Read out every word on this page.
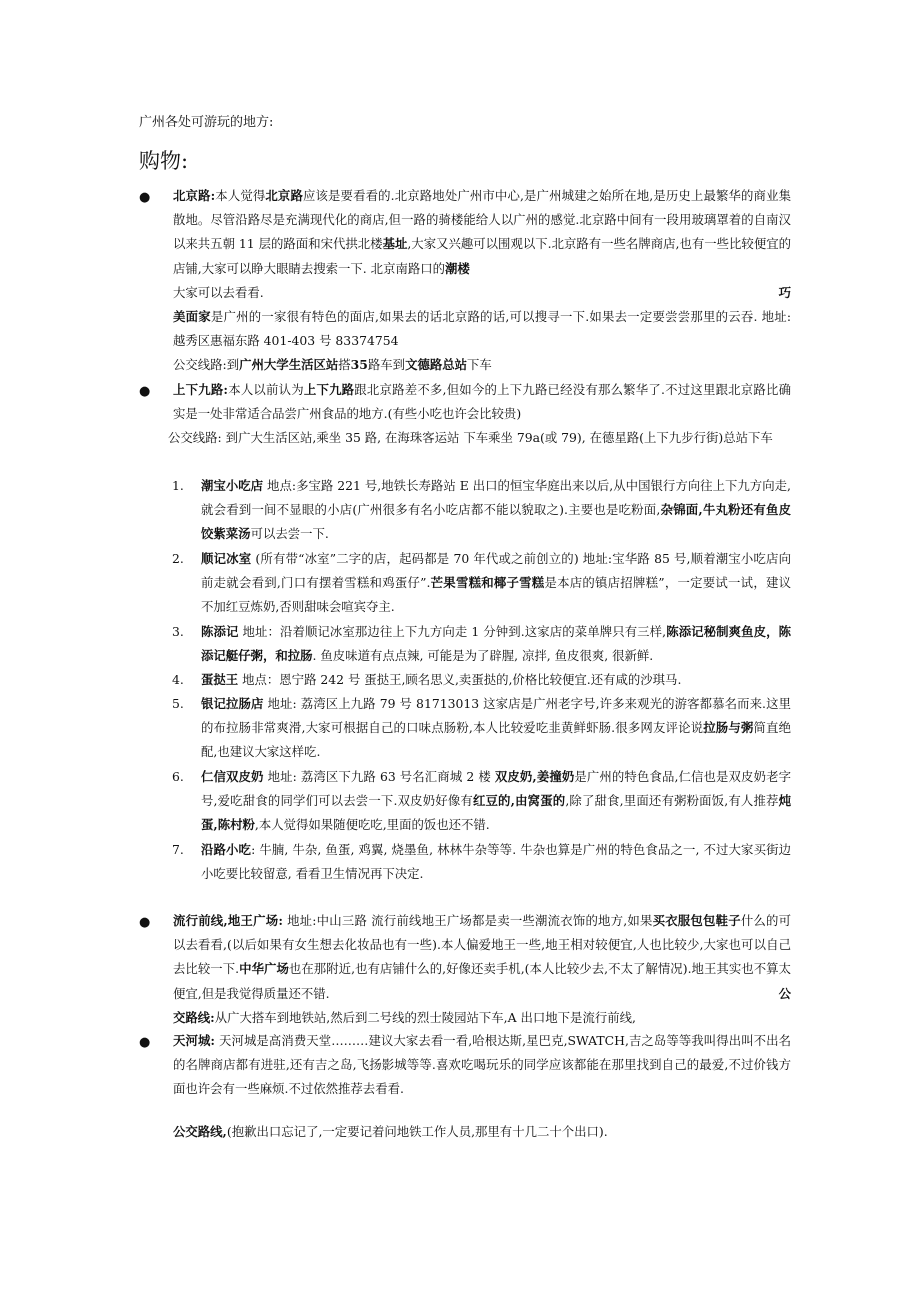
广州各处可游玩的地方:
购物:
● 北京路:本人觉得北京路应该是要看看的.北京路地处广州市中心,是广州城建之始所在地,是历史上最繁华的商业集散地。尽管沿路尽是充满现代化的商店,但一路的骑楼能给人以广州的感觉.北京路中间有一段用玻璃罩着的自南汉以来共五朝 11 层的路面和宋代拱北楼基址,大家又兴趣可以围观以下.北京路有一些名牌商店,也有一些比较便宜的店铺,大家可以睁大眼睛去搜索一下. 北京南路口的潮楼
大家可以去看看.	巧

美面家是广州的一家很有特色的面店,如果去的话北京路的话,可以搜寻一下.如果去一定要尝尝那里的云吞. 地址: 越秀区惠福东路 401-403 号 83374754
公交线路:到广州大学生活区站搭35路车到文德路总站下车
● 上下九路:本人以前认为上下九路跟北京路差不多,但如今的上下九路已经没有那么繁华了.不过这里跟北京路比确实是一处非常适合品尝广州食品的地方.(有些小吃也许会比较贵)
公交线路: 到广大生活区站,乘坐 35 路, 在海珠客运站 下车乘坐 79a(或 79), 在德星路(上下九步行街)总站下车
1.	潮宝小吃店 地点:多宝路 221 号,地铁长寿路站 E 出口的恒宝华庭出来以后,从中国银行方向往上下九方向走,就会看到一间不显眼的小店(广州很多有名小吃店都不能以貌取之).主要也是吃粉面,杂锦面,牛丸粉还有鱼皮饺紫菜汤可以去尝一下.
2.	顺记冰室 (所有带“冰室”二字的店，起码都是 70 年代或之前创立的) 地址:宝华路 85 号,顺着潮宝小吃店向前走就会看到,门口有摆着雪糕和鸡蛋仔”.芒果雪糕和椰子雪糕是本店的镇店招牌糕”，一定要试一试，建议不加红豆炼奶,否则甜味会喧宾夺主.
3.	陈添记 地址：沿着顺记冰室那边往上下九方向走 1 分钟到.这家店的菜单牌只有三样,陈添记秘制爽鱼皮，陈添记艇仔粥，和拉肠. 鱼皮味道有点点辣, 可能是为了辟腥, 凉拌, 鱼皮很爽, 很新鲜.
4.	蛋挞王 地点：恩宁路 242 号 蛋挞王,顾名思义,卖蛋挞的,价格比较便宜.还有咸的沙琪马.
5.	银记拉肠店 地址: 荔湾区上九路 79 号 81713013 这家店是广州老字号,许多来观光的游客都慕名而来.这里的布拉肠非常爽滑,大家可根据自己的口味点肠粉,本人比较爱吃韭黄鲜虾肠.很多网友评论说拉肠与粥简直绝配,也建议大家这样吃.
6.	仁信双皮奶 地址: 荔湾区下九路 63 号名汇商城 2 楼 双皮奶,姜撞奶是广州的特色食品,仁信也是双皮奶老字号,爱吃甜食的同学们可以去尝一下.双皮奶好像有红豆的,由窝蛋的,除了甜食,里面还有粥粉面饭,有人推荐炖蛋,陈村粉,本人觉得如果随便吃吃,里面的饭也还不错.
7.	沿路小吃: 牛腩, 牛杂, 鱼蛋, 鸡翼, 烧墨鱼, 林林牛杂等等. 牛杂也算是广州的特色食品之一, 不过大家买街边小吃要比较留意, 看看卫生情况再下决定.
● 流行前线,地王广场: 地址:中山三路 流行前线地王广场都是卖一些潮流衣饰的地方,如果买衣服包包鞋子什么的可以去看看,(以后如果有女生想去化妆品也有一些).本人偏爱地王一些,地王相对较便宜,人也比较少,大家也可以自己去比较一下.中华广场也在那附近,也有店铺什么的,好像还卖手机,(本人比较少去,不太了解情况).地王其实也不算太便宜,但是我觉得质量还不错.	公

交路线:从广大搭车到地铁站,然后到二号线的烈士陵园站下车,A 出口地下是流行前线,
● 天河城: 天河城是高消费天堂………建议大家去看一看,哈根达斯,星巴克,SWATCH,吉之岛等等我叫得出叫不出名的名牌商店都有进驻,还有吉之岛,飞扬影城等等.喜欢吃喝玩乐的同学应该都能在那里找到自己的最爱,不过价钱方面也许会有一些麻烦.不过依然推荐去看看.
公交路线,(抱歉出口忘记了,一定要记着问地铁工作人员,那里有十几二十个出口).
